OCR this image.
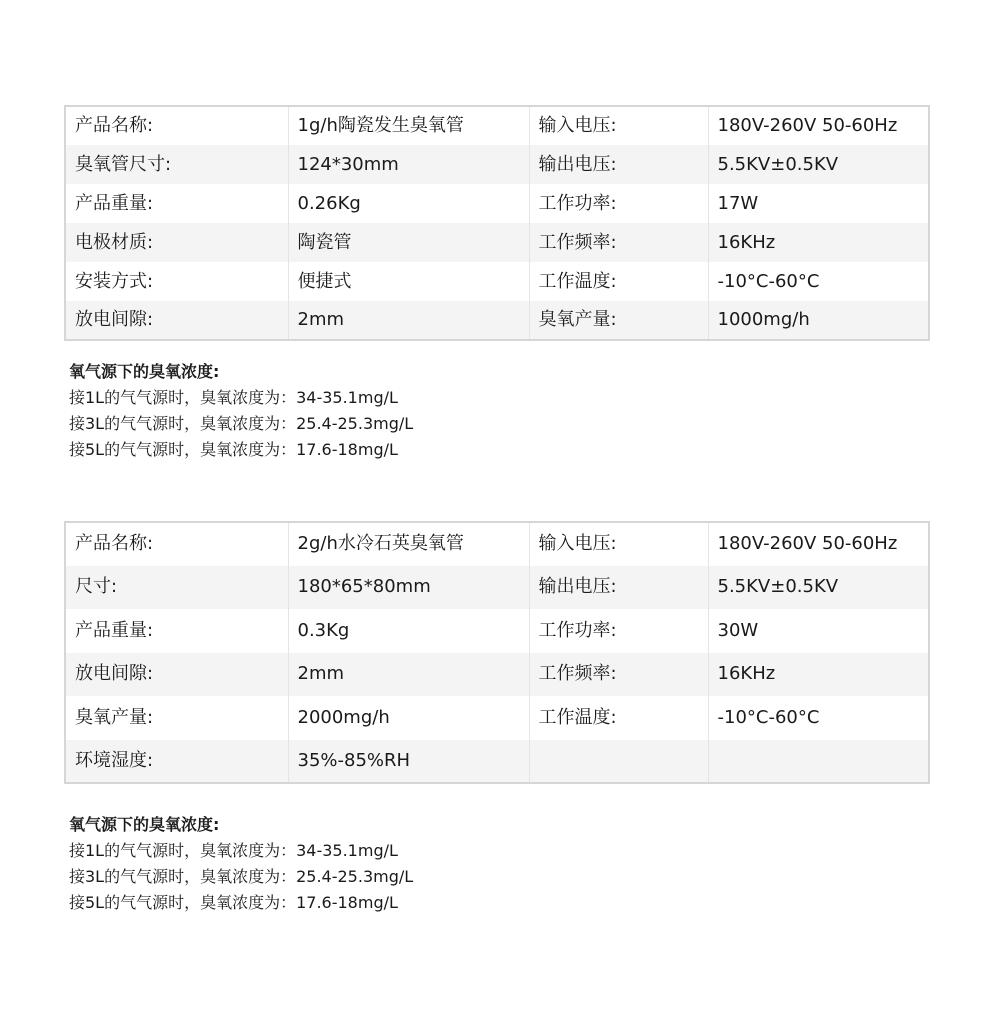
产品名称:	1g/h陶瓷发生臭氧管	输入电压:	180V-260V 50-60Hz
臭氧管尺寸:	124*30mm	输出电压:	5.5KV±0.5KV
产品重量:	0.26Kg	工作功率:	17W
电极材质:	陶瓷管	工作频率:	16KHz
安装方式:	便捷式	工作温度:	-10°C-60°C
放电间隙:	2mm	臭氧产量:	1000mg/h
氧气源下的臭氧浓度:
接1L的气气源时，臭氧浓度为：34-35.1mg/L
接3L的气气源时，臭氧浓度为：25.4-25.3mg/L
接5L的气气源时，臭氧浓度为：17.6-18mg/L
产品名称:	2g/h水冷石英臭氧管	输入电压:	180V-260V 50-60Hz
尺寸:	180*65*80mm	输出电压:	5.5KV±0.5KV
产品重量:	0.3Kg	工作功率:	30W
放电间隙:	2mm	工作频率:	16KHz
臭氧产量:	2000mg/h	工作温度:	-10°C-60°C
环境湿度:	35%-85%RH		
氧气源下的臭氧浓度:
接1L的气气源时，臭氧浓度为：34-35.1mg/L
接3L的气气源时，臭氧浓度为：25.4-25.3mg/L
接5L的气气源时，臭氧浓度为：17.6-18mg/L
